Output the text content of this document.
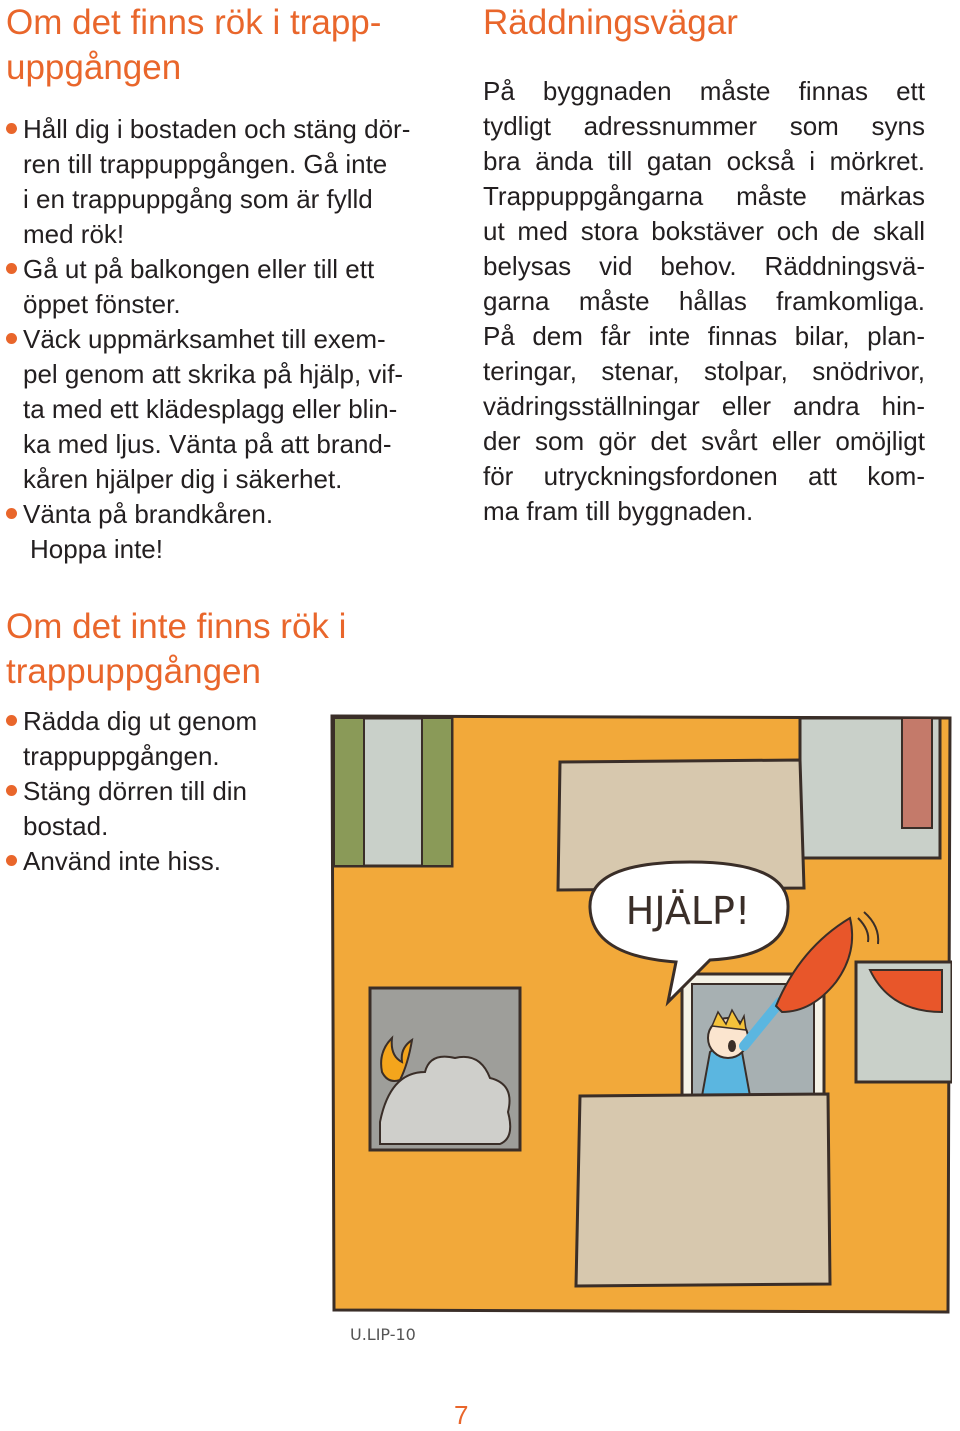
Om det finns rök i trapp-
uppgången
Håll dig i bostaden och stäng dör-
ren till trappuppgången. Gå inte
i en trappuppgång som är fylld
med rök!
Gå ut på balkongen eller till ett
öppet fönster.
Väck uppmärksamhet till exem-
pel genom att skrika på hjälp, vif-
ta med ett klädesplagg eller blin-
ka med ljus. Vänta på att brand-
kåren hjälper dig i säkerhet.
Vänta på brandkåren.
Hoppa inte!
Om det inte finns rök i
trappuppgången
Rädda dig ut genom
trappuppgången.
Stäng dörren till din
bostad.
Använd inte hiss.
Räddningsvägar
På byggnaden måste finnas ett
tydligt adressnummer som syns
bra ända till gatan också i mörkret.
Trappuppgångarna måste märkas
ut med stora bokstäver och de skall
belysas vid behov. Räddningsvä-
garna måste hållas framkomliga.
På dem får inte finnas bilar, plan-
teringar, stenar, stolpar, snödrivor,
vädringsställningar eller andra hin-
der som gör det svårt eller omöjligt
för utryckningsfordonen att kom-
ma fram till byggnaden.
HJÄLP!
U.LIP-10
7
